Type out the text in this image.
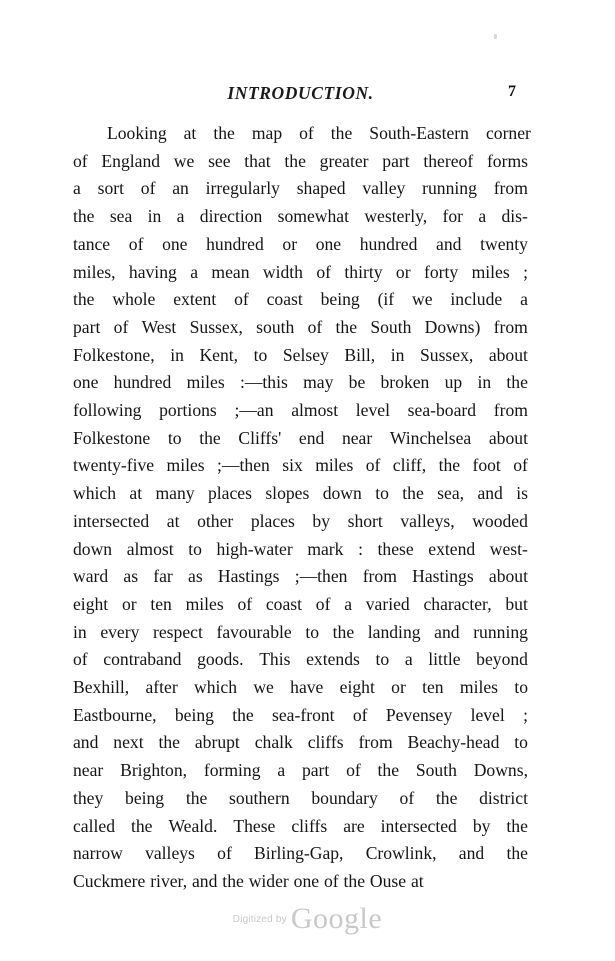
INTRODUCTION.	7

Looking at the map of the South-Eastern corner
of England we see that the greater part thereof forms
a sort of an irregularly shaped valley running from
the sea in a direction somewhat westerly, for a dis-
tance of one hundred or one hundred and twenty
miles, having a mean width of thirty or forty miles ;
the whole extent of coast being (if we include a
part of West Sussex, south of the South Downs) from
Folkestone, in Kent, to Selsey Bill, in Sussex, about
one hundred miles :—this may be broken up in the
following portions ;—an almost level sea-board from
Folkestone to the Cliffs' end near Winchelsea about
twenty-five miles ;—then six miles of cliff, the foot of
which at many places slopes down to the sea, and is
intersected at other places by short valleys, wooded
down almost to high-water mark : these extend west-
ward as far as Hastings ;—then from Hastings about
eight or ten miles of coast of a varied character, but
in every respect favourable to the landing and running
of contraband goods. This extends to a little beyond
Bexhill, after which we have eight or ten miles to
Eastbourne, being the sea-front of Pevensey level ;
and next the abrupt chalk cliffs from Beachy-head to
near Brighton, forming a part of the South Downs,
they being the southern boundary of the district
called the Weald. These cliffs are intersected by the
narrow valleys of Birling-Gap, Crowlink, and the
Cuckmere river, and the wider one of the Ouse at

$^{Digitized by}$ Google
